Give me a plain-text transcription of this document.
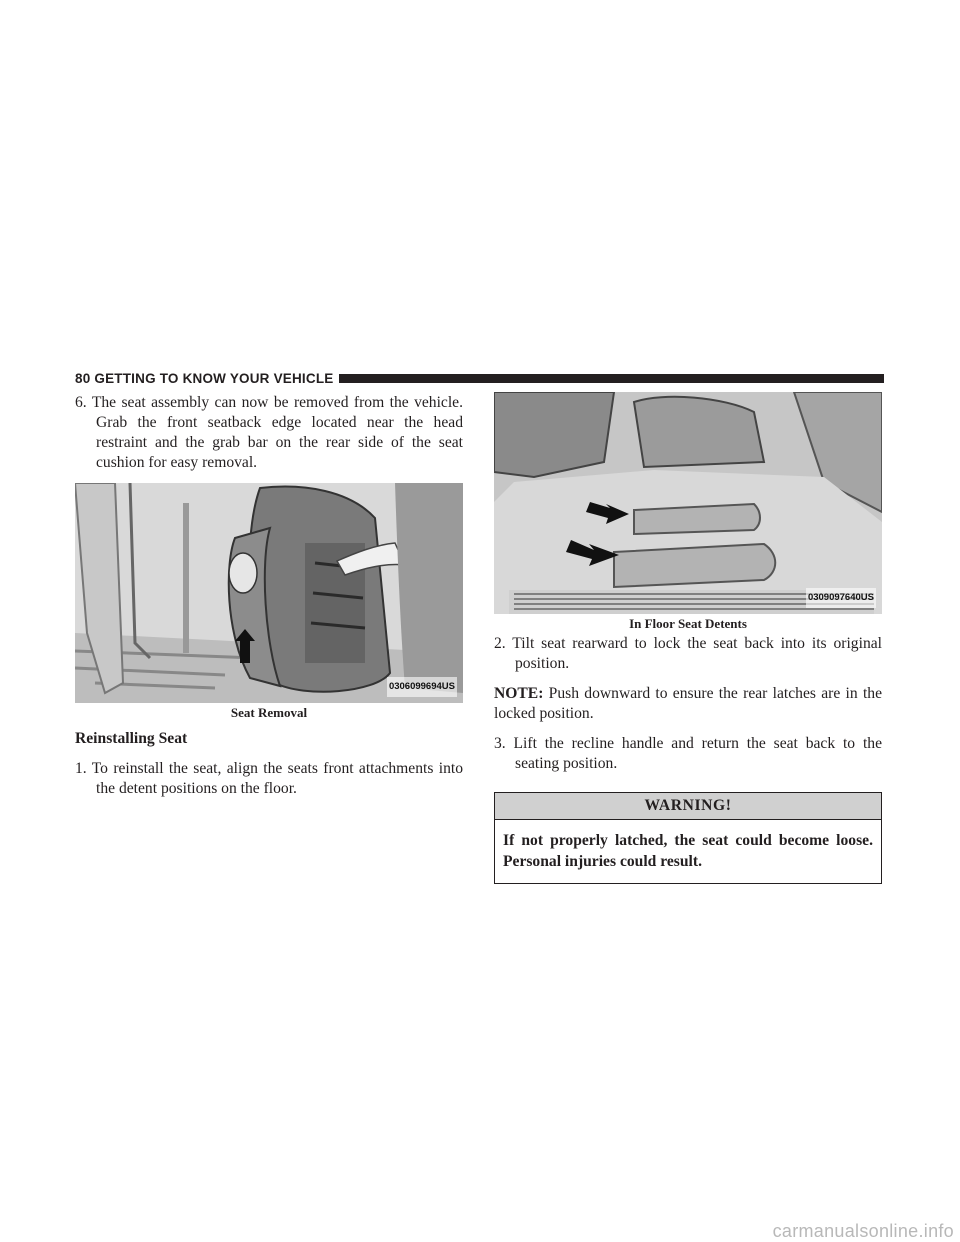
80 GETTING TO KNOW YOUR VEHICLE

6. The seat assembly can now be removed from the vehicle. Grab the front seatback edge located near the head restraint and the grab bar on the rear side of the seat cushion for easy removal.

0306099694US

Seat Removal

Reinstalling Seat

1. To reinstall the seat, align the seats front attachments into the detent positions on the floor.

0309097640US

In Floor Seat Detents

2. Tilt seat rearward to lock the seat back into its original position.

NOTE: Push downward to ensure the rear latches are in the locked position.

3. Lift the recline handle and return the seat back to the seating position.

WARNING!
If not properly latched, the seat could become loose. Personal injuries could result.
carmanualsonline.info
